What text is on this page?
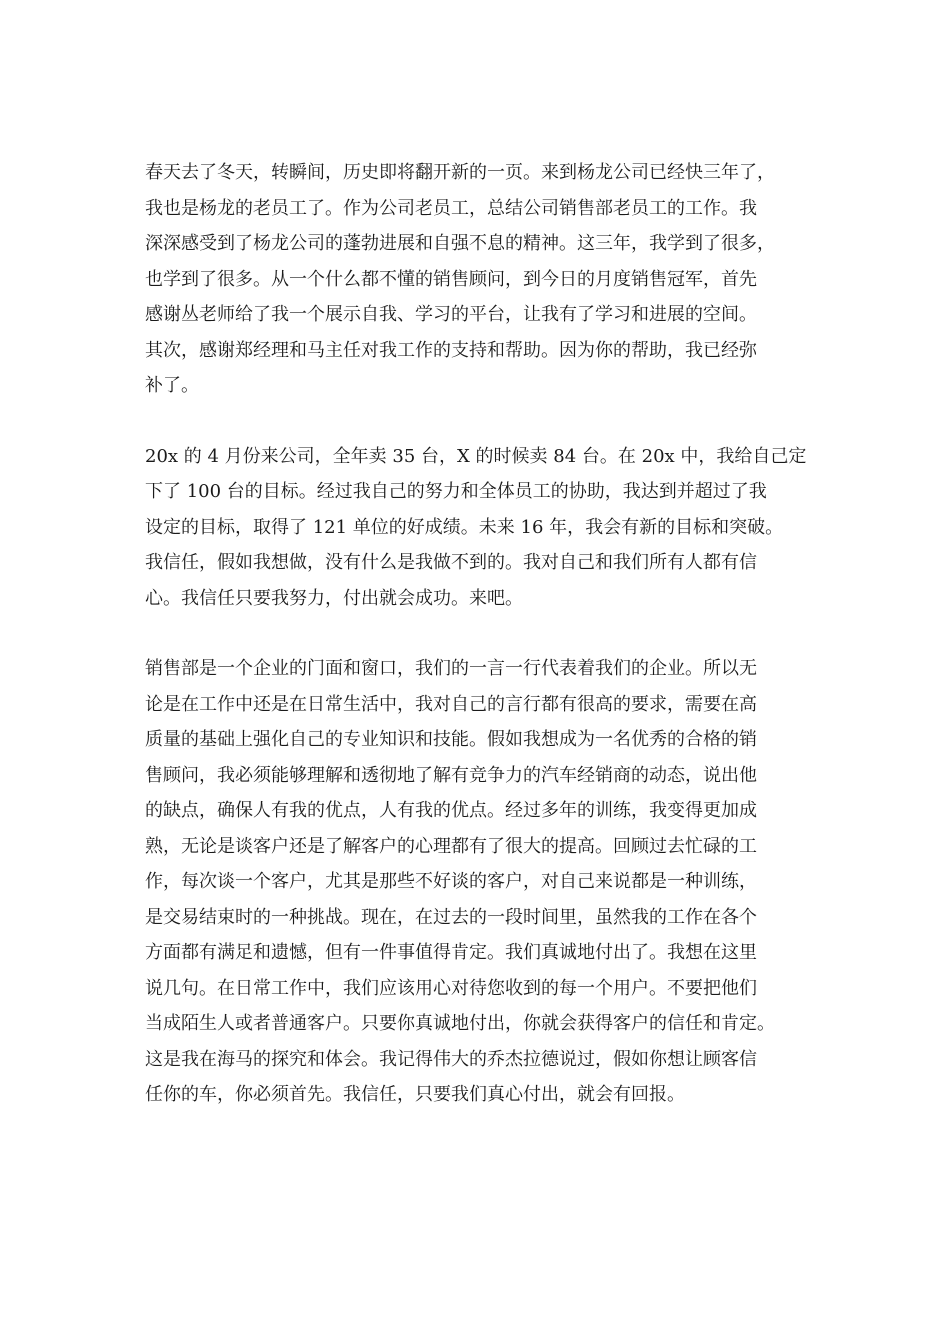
春天去了冬天，转瞬间，历史即将翻开新的一页。来到杨龙公司已经快三年了，
我也是杨龙的老员工了。作为公司老员工，总结公司销售部老员工的工作。我
深深感受到了杨龙公司的蓬勃进展和自强不息的精神。这三年，我学到了很多，
也学到了很多。从一个什么都不懂的销售顾问，到今日的月度销售冠军，首先
感谢丛老师给了我一个展示自我、学习的平台，让我有了学习和进展的空间。
其次，感谢郑经理和马主任对我工作的支持和帮助。因为你的帮助，我已经弥
补了。

20x 的 4 月份来公司，全年卖 35 台，X 的时候卖 84 台。在 20x 中，我给自己定
下了 100 台的目标。经过我自己的努力和全体员工的协助，我达到并超过了我
设定的目标，取得了 121 单位的好成绩。未来 16 年，我会有新的目标和突破。
我信任，假如我想做，没有什么是我做不到的。我对自己和我们所有人都有信
心。我信任只要我努力，付出就会成功。来吧。

销售部是一个企业的门面和窗口，我们的一言一行代表着我们的企业。所以无
论是在工作中还是在日常生活中，我对自己的言行都有很高的要求，需要在高
质量的基础上强化自己的专业知识和技能。假如我想成为一名优秀的合格的销
售顾问，我必须能够理解和透彻地了解有竞争力的汽车经销商的动态，说出他
的缺点，确保人有我的优点，人有我的优点。经过多年的训练，我变得更加成
熟，无论是谈客户还是了解客户的心理都有了很大的提高。回顾过去忙碌的工
作，每次谈一个客户，尤其是那些不好谈的客户，对自己来说都是一种训练，
是交易结束时的一种挑战。现在，在过去的一段时间里，虽然我的工作在各个
方面都有满足和遗憾，但有一件事值得肯定。我们真诚地付出了。我想在这里
说几句。在日常工作中，我们应该用心对待您收到的每一个用户。不要把他们
当成陌生人或者普通客户。只要你真诚地付出，你就会获得客户的信任和肯定。
这是我在海马的探究和体会。我记得伟大的乔杰拉德说过，假如你想让顾客信
任你的车，你必须首先。我信任，只要我们真心付出，就会有回报。
